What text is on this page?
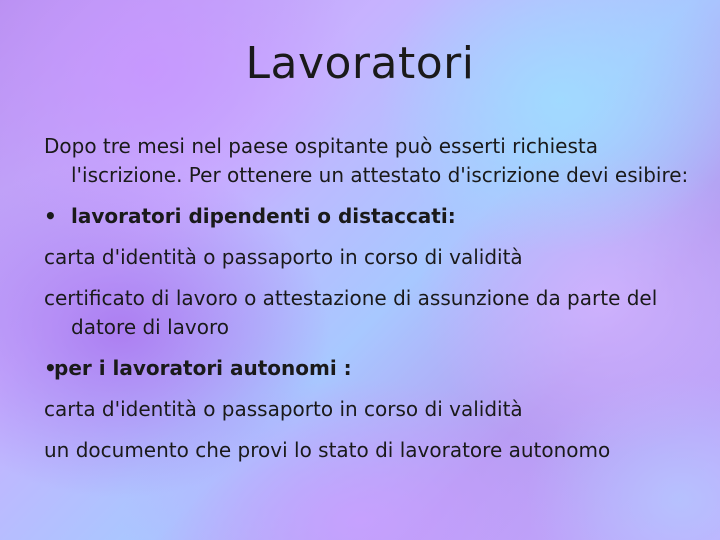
Lavoratori

Dopo tre mesi nel paese ospitante può esserti richiesta l'iscrizione. Per ottenere un attestato d'iscrizione devi esibire:

• lavoratori dipendenti o distaccati:

carta d'identità o passaporto in corso di validità

certificato di lavoro o attestazione di assunzione da parte del datore di lavoro

•per i lavoratori autonomi :

carta d'identità o passaporto in corso di validità

un documento che provi lo stato di lavoratore autonomo
